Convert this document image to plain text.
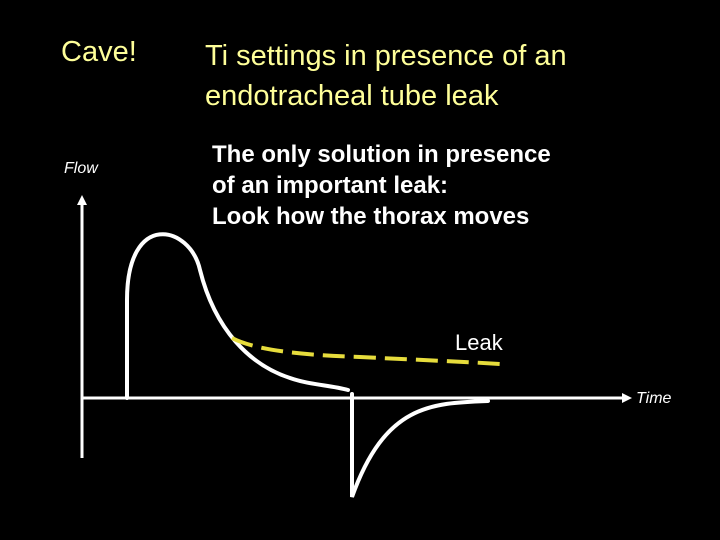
Cave! Ti settings in presence of an
endotracheal tube leak
The only solution in presence
of an important leak:
Look how the thorax moves
Flow
Time
Leak
